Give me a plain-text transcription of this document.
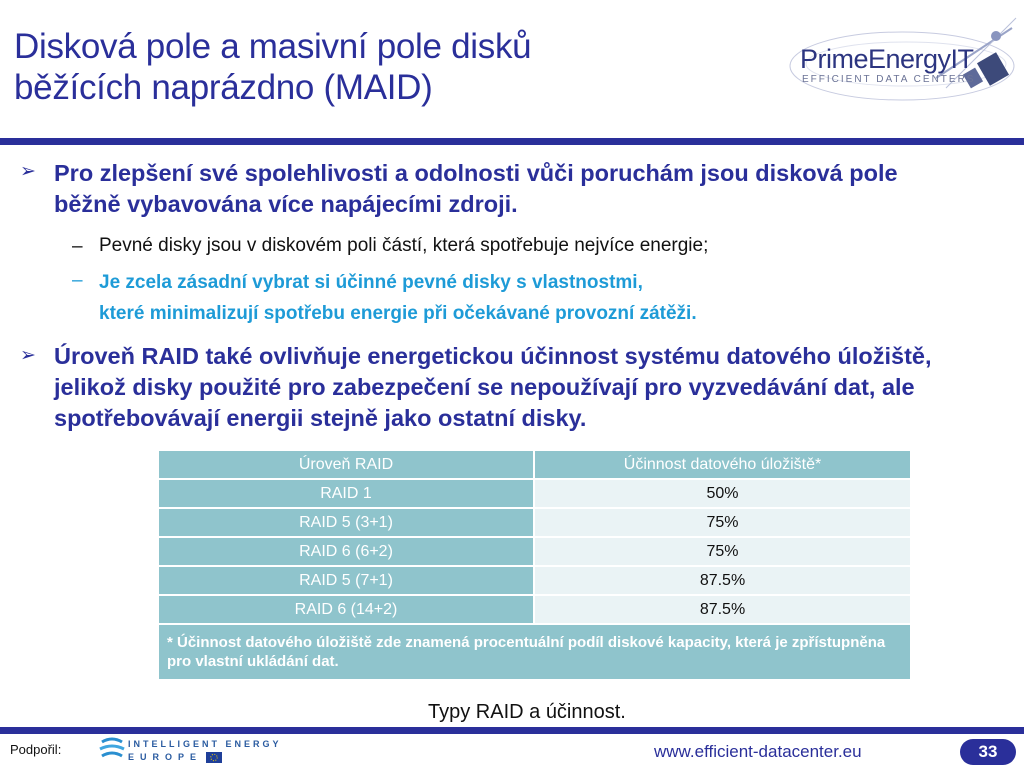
Disková pole a masivní pole disků
běžících naprázdno (MAID)
PrimeEnergyIT
EFFICIENT DATA CENTERS
➢ Pro zlepšení své spolehlivosti a odolnosti vůči poruchám jsou disková pole běžně vybavována více napájecími zdroji.

– Pevné disky jsou v diskovém poli částí, která spotřebuje nejvíce energie;

– Je zcela zásadní vybrat si účinné pevné disky s vlastnostmi,
které minimalizují spotřebu energie při očekávané provozní zátěži.

➢ Úroveň RAID také ovlivňuje energetickou účinnost systému datového úložiště, jelikož disky použité pro zabezpečení se nepoužívají pro vyzvedávání dat, ale spotřebovávají energii stejně jako ostatní disky.

Úroveň RAID	Účinnost datového úložiště*
RAID 1	50%
RAID 5 (3+1)	75%
RAID 6 (6+2)	75%
RAID 5 (7+1)	87.5%
RAID 6 (14+2)	87.5%
* Účinnost datového úložiště zde znamená procentuální podíl diskové kapacity, která je zpřístupněna pro vlastní ukládání dat.	
Typy RAID a účinnost.
Podpořil:	INTELLIGENT ENERGY
EUROPE	www.efficient-datacenter.eu	33
